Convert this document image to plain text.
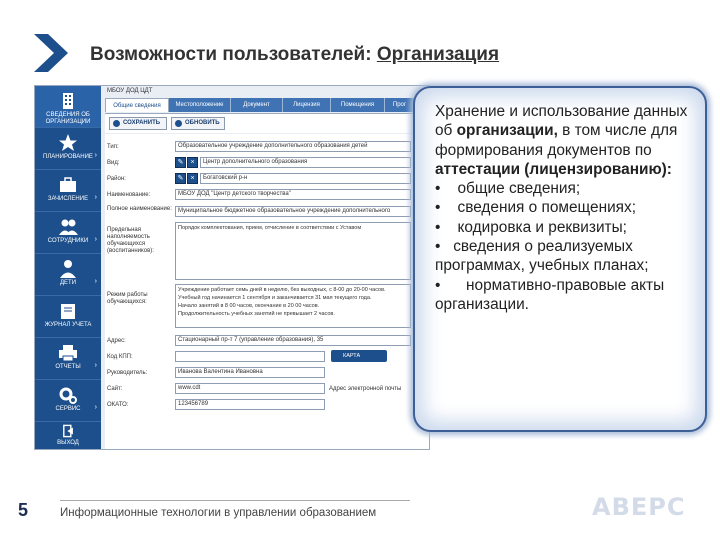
Возможности пользователей: Организация
СВЕДЕНИЯ ОБ ОРГАНИЗАЦИИ
ПЛАНИРОВАНИЕ ›
ЗАЧИСЛЕНИЕ ›
СОТРУДНИКИ ›
ДЕТИ	›
ЖУРНАЛ УЧЕТА
ОТЧЕТЫ	›
СЕРВИС	›
ВЫХОД
МБОУ ДОД ЦДТ
Общие сведения	Местоположение	Документ	Лицензия	Помещения	Прог
СОХРАНИТЬ	ОБНОВИТЬ
Тип:	Образовательное учреждение дополнительного образования детей
Вид:	✎	×	Центр дополнительного образования
Район:	✎	×	Богатовский р-н
Наименование:	МБОУ ДОД "Центр детского творчества"
Полное наименование:	Муниципальное бюджетное образовательное учреждение дополнительного
Предельная наполняемость обучающихся (воспитанников):
Порядок комплектования, прием, отчисление в соответствии с Уставом
Режим работы обучающихся:
Учреждение работает семь дней в неделю, без выходных, с 8-00 до 20-00 часов.
Учебный год начинается 1 сентября и заканчивается 31 мая текущего года.
Начало занятий в 8 00 часов, окончание в 20 00 часов.
Продолжительность учебных занятий не превышает 2 часов.
Адрес:	Стационарный пр-т 7 (управление образования), 35
Код КПП:	КАРТА
Руководитель:	Иванова Валентина Ивановна
Сайт:	www.cdt	Адрес электронной почты
ОКАТО:	123456789
Хранение и использование данных об организации, в том числе для формирования документов по аттестации (лицензированию):
•    общие сведения;
•    сведения о помещениях;
•    кодировка и реквизиты;
•   сведения о реализуемых программах, учебных планах;
•      нормативно-правовые акты организации.
5	Информационные технологии в управлении образованием	АВЕРС
